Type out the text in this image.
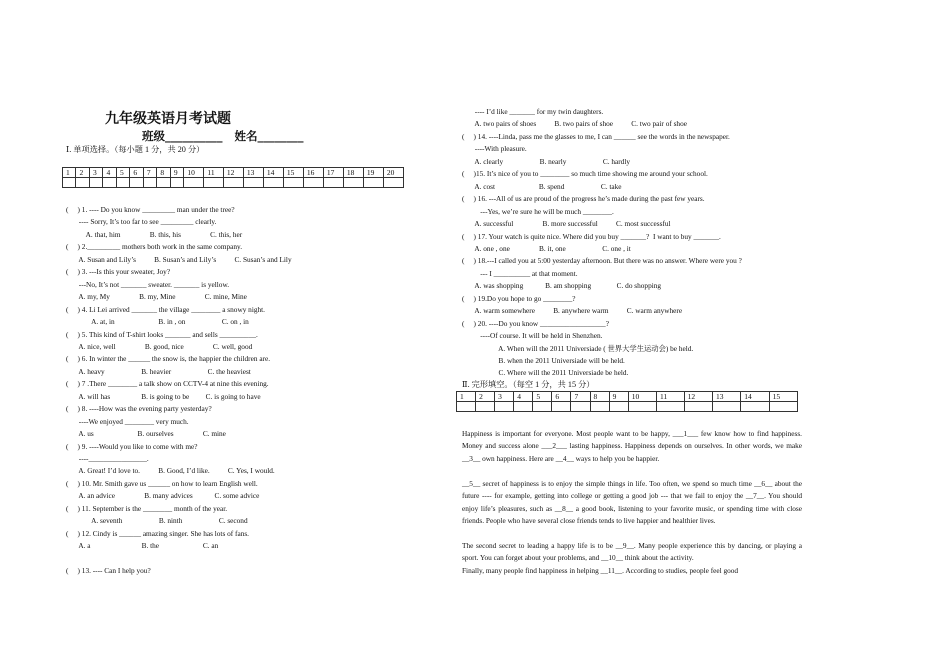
九年级英语月考试题
班级__________ 姓名________
Ⅰ. 单项选择。（每小题 1 分，共 20 分）
1	2	3	4	5	6	7	8	9	10	11	12	13	14	15	16	17	18	19	20

(     ) 1. ---- Do you know _________ man under the tree?
---- Sorry, It’s too far to see _________ clearly.
A. that, him                B. this, his                C. this, her
(     ) 2._________ mothers both work in the same company.
A. Susan and Lily’s          B. Susan’s and Lily’s          C. Susan’s and Lily
(     ) 3. ---Is this your sweater, Joy?
---No, It’s not _______ sweater. _______ is yellow.
A. my, My                B. my, Mine                C. mine, Mine
(     ) 4. Li Lei arrived _______ the village ________ a snowy night.
A. at, in                        B. in , on                    C. on , in
(     ) 5. This kind of T-shirt looks _______ and sells __________.
A. nice, well                B. good, nice                C. well, good
(     ) 6. In winter the ______ the snow is, the happier the children are.
A. heavy                    B. heavier                    C. the heaviest
(     ) 7 .There ________ a talk show on CCTV-4 at nine this evening.
A. will has                 B. is going to be         C. is going to have
(     ) 8. ----How was the evening party yesterday?
----We enjoyed ________ very much.
A. us                        B. ourselves                C. mine
(     ) 9. ----Would you like to come with me?
----________________.
A. Great! I’d love to.          B. Good, I’d like.          C. Yes, I would.
(     ) 10. Mr. Smith gave us ______ on how to learn English well.
A. an advice                B. many advices            C. some advice
(     ) 11. September is the ________ month of the year.
A. seventh                    B. ninth                    C. second
(     ) 12. Cindy is ______ amazing singer. She has lots of fans.
A. a                            B. the                        C. an
(     ) 13. ---- Can I help you?
---- I’d like _______ for my twin daughters.
A. two pairs of shoes          B. two pairs of shoe          C. two pair of shoe
(     ) 14. ----Linda, pass me the glasses to me, I can ______ see the words in the newspaper.
----With pleasure.
A. clearly                    B. nearly                    C. hardly
(     )15. It’s nice of you to ________ so much time showing me around your school.
A. cost                        B. spend                    C. take
(     ) 16. ---All of us are proud of the progress he’s made during the past few years.
---Yes, we’re sure he will be much ________.
A. successful                B. more successful          C. most successful
(     ) 17. Your watch is quite nice. Where did you buy _______?  I want to buy _______.
A. one , one                B. it, one                    C. one , it
(     ) 18.---I called you at 5:00 yesterday afternoon. But there was no answer. Where were you ?
--- I __________ at that moment.
A. was shopping            B. am shopping              C. do shopping
(     ) 19.Do you hope to go ________?
A. warm somewhere          B. anywhere warm          C. warm anywhere
(     ) 20. ----Do you know __________________?
----Of course. It will be held in Shenzhen.
A. When will the 2011 Universiade ( 世界大学生运动会) be held.
B. when the 2011 Universiade will be held.
C. Where will the 2011 Universiade be held.
Ⅱ. 完形填空。（每空 1 分，共 15 分）
1	2	3	4	5	6	7	8	9	10	11	12	13	14	15

Happiness is important for everyone. Most people want to be happy, ___1___ few know how to find happiness. Money and success alone ___2___ lasting happiness. Happiness depends on ourselves. In other words, we make __3__ own happiness. Here are __4__ ways to help you be happier.
__5__ secret of happiness is to enjoy the simple things in life. Too often, we spend so much time __6__ about the future ---- for example, getting into college or getting a good job --- that we fail to enjoy the __7__. You should enjoy life’s pleasures, such as __8__ a good book, listening to your favorite music, or spending time with close friends. People who have several close friends tends to live happier and healthier lives.
The second secret to leading a happy life is to be __9__. Many people experience this by dancing, or playing a sport. You can forget about your problems, and __10__ think about the activity.
Finally, many people find happiness in helping __11__. According to studies, people feel good
